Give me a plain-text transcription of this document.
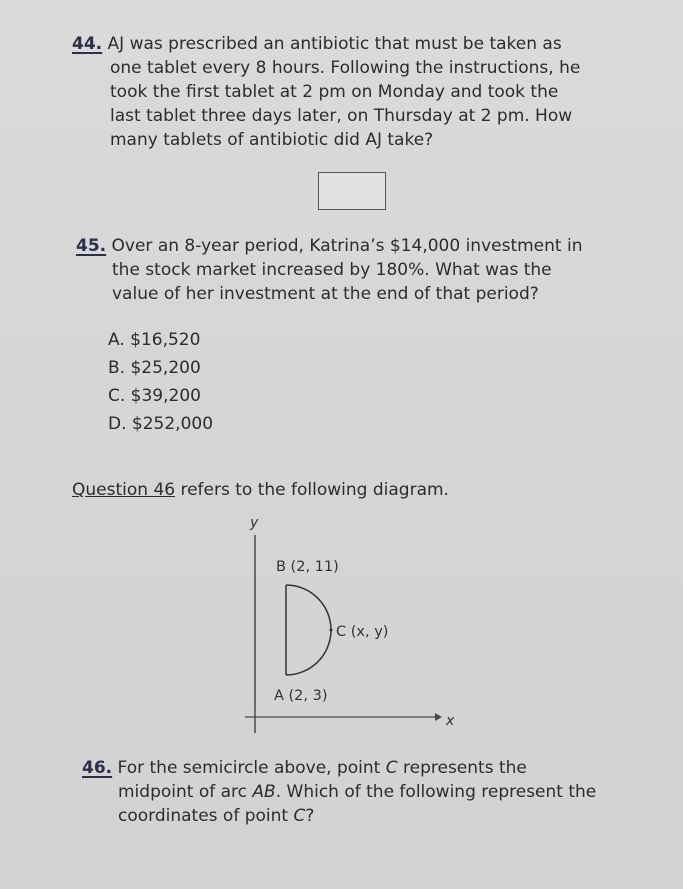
44. AJ was prescribed an antibiotic that must be taken as
one tablet every 8 hours. Following the instructions, he
took the first tablet at 2 pm on Monday and took the
last tablet three days later, on Thursday at 2 pm. How
many tablets of antibiotic did AJ take?
45. Over an 8-year period, Katrina’s $14,000 investment in
the stock market increased by 180%. What was the
value of her investment at the end of that period?
A. $16,520
B. $25,200
C. $39,200
D. $252,000
Question 46 refers to the following diagram.
y
x
B (2, 11)
C (x, y)
A (2, 3)
46. For the semicircle above, point C represents the
midpoint of arc AB. Which of the following represent the
coordinates of point C?
